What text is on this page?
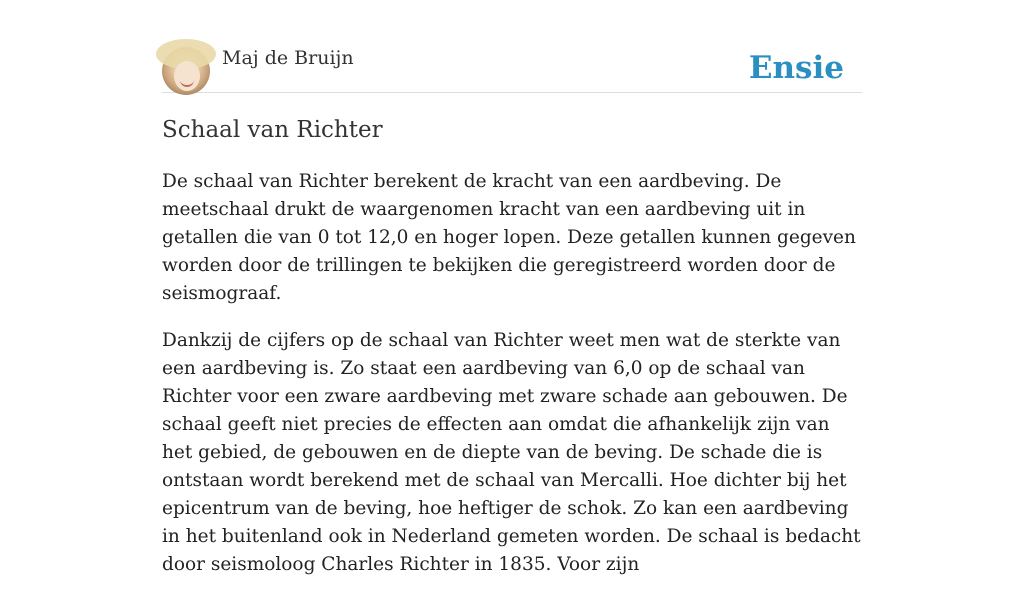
Maj de Bruijn	Ensie
Schaal van Richter

De schaal van Richter berekent de kracht van een aardbeving. De meetschaal drukt de waargenomen kracht van een aardbeving uit in getallen die van 0 tot 12,0 en hoger lopen. Deze getallen kunnen gegeven worden door de trillingen te bekijken die geregistreerd worden door de seismograaf.

Dankzij de cijfers op de schaal van Richter weet men wat de sterkte van een aardbeving is. Zo staat een aardbeving van 6,0 op de schaal van Richter voor een zware aardbeving met zware schade aan gebouwen. De schaal geeft niet precies de effecten aan omdat die afhankelijk zijn van het gebied, de gebouwen en de diepte van de beving. De schade die is ontstaan wordt berekend met de schaal van Mercalli. Hoe dichter bij het epicentrum van de beving, hoe heftiger de schok. Zo kan een aardbeving in het buitenland ook in Nederland gemeten worden. De schaal is bedacht door seismoloog Charles Richter in 1835. Voor zijn
